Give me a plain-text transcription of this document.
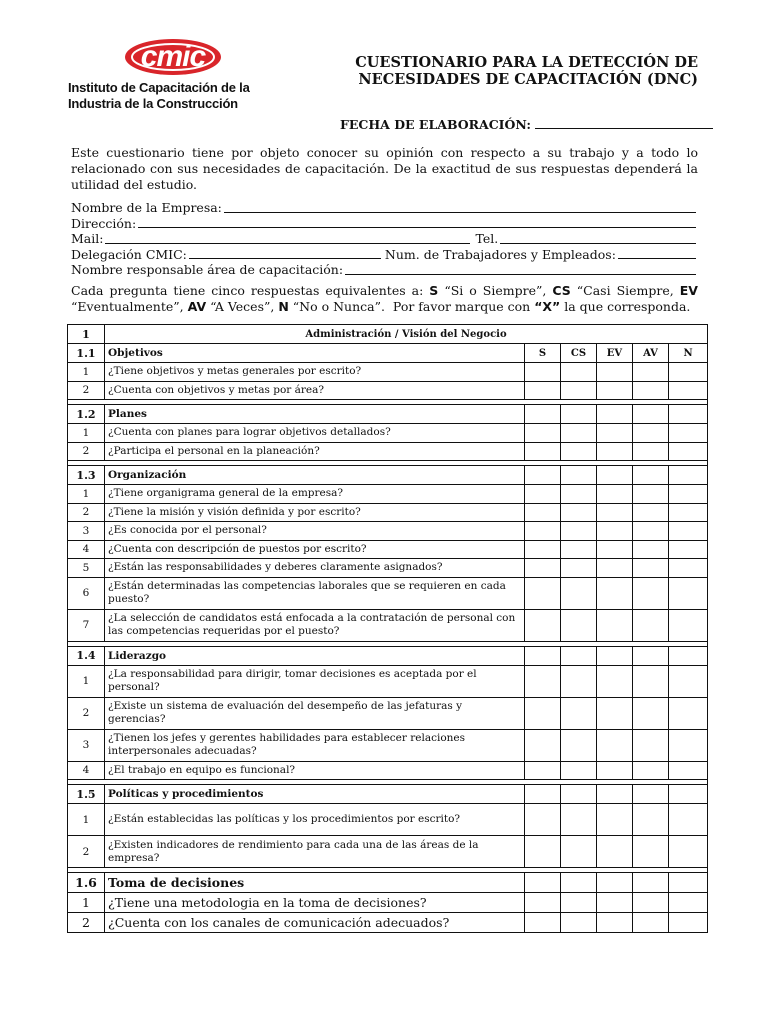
cmic
Instituto de Capacitación de la
Industria de la Construcción
CUESTIONARIO PARA LA DETECCIÓN DE
NECESIDADES DE CAPACITACIÓN (DNC)
FECHA DE ELABORACIÓN:
Este cuestionario tiene por objeto conocer su opinión con respecto a su trabajo y a todo lo relacionado con sus necesidades de capacitación. De la exactitud de sus respuestas dependerá la utilidad del estudio.
Nombre de la Empresa:
Dirección:
Mail:	Tel.
Delegación CMIC:	Num. de Trabajadores y Empleados:
Nombre responsable área de capacitación:
Cada pregunta tiene cinco respuestas equivalentes a: S “Si o Siempre”, CS “Casi Siempre, EV “Eventualmente”, AV “A Veces”, N “No o Nunca”. Por favor marque con “X” la que corresponda.
1	Administración / Visión del Negocio					
1.1	Objetivos	S	CS	EV	AV	N
1	¿Tiene objetivos y metas generales por escrito?					
2	¿Cuenta con objetivos y metas por área?					

1.2	Planes					
1	¿Cuenta con planes para lograr objetivos detallados?					
2	¿Participa el personal en la planeación?					

1.3	Organización					
1	¿Tiene organigrama general de la empresa?					
2	¿Tiene la misión y visión definida y por escrito?					
3	¿Es conocida por el personal?					
4	¿Cuenta con descripción de puestos por escrito?					
5	¿Están las responsabilidades y deberes claramente asignados?					
6	¿Están determinadas las competencias laborales que se requieren en cada puesto?					
7	¿La selección de candidatos está enfocada a la contratación de personal con las competencias requeridas por el puesto?					

1.4	Liderazgo					
1	¿La responsabilidad para dirigir, tomar decisiones es aceptada por el personal?					
2	¿Existe un sistema de evaluación del desempeño de las jefaturas y gerencias?					
3	¿Tienen los jefes y gerentes habilidades para establecer relaciones interpersonales adecuadas?					
4	¿El trabajo en equipo es funcional?					

1.5	Políticas y procedimientos					
1	¿Están establecidas las políticas y los procedimientos por escrito?					
2	¿Existen indicadores de rendimiento para cada una de las áreas de la empresa?					

1.6	Toma de decisiones					
1	¿Tiene una metodologia en la toma de decisiones?					
2	¿Cuenta con los canales de comunicación adecuados?					
